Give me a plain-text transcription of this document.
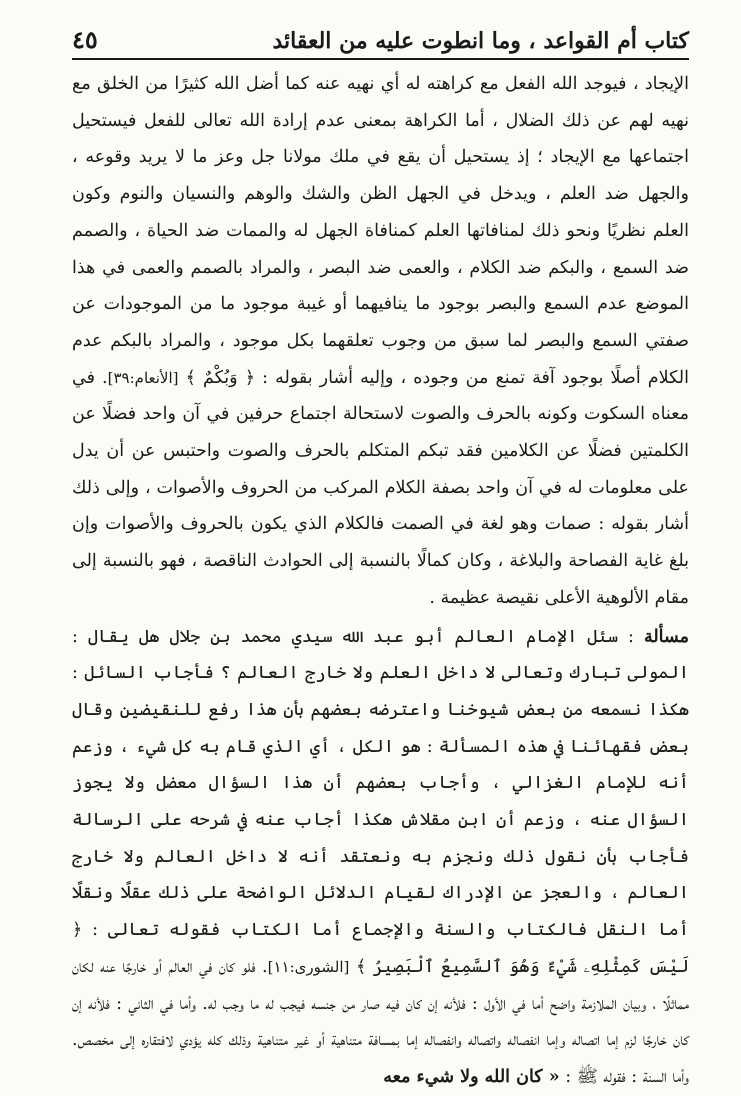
كتاب أم القواعد ، وما انطوت عليه من العقائد
٤٥

الإيجاد ، فيوجد الله الفعل مع كراهته له أي نهيه عنه كما أضل الله كثيرًا من الخلق مع نهيه لهم عن ذلك الضلال ، أما الكراهة بمعنى عدم إرادة الله تعالى للفعل فيستحيل اجتماعها مع الإيجاد ؛ إذ يستحيل أن يقع في ملك مولانا جل وعز ما لا يريد وقوعه ، والجهل ضد العلم ، ويدخل في الجهل الظن والشك والوهم والنسيان والنوم وكون العلم نظريًا ونحو ذلك لمنافاتها العلم كمنافاة الجهل له والممات ضد الحياة ، والصمم ضد السمع ، والبكم ضد الكلام ، والعمى ضد البصر ، والمراد بالصمم والعمى في هذا الموضع عدم السمع والبصر بوجود ما ينافيهما أو غيبة موجود ما من الموجودات عن صفتي السمع والبصر لما سبق من وجوب تعلقهما بكل موجود ، والمراد بالبكم عدم الكلام أصلًا بوجود آفة تمنع من وجوده ، وإليه أشار بقوله : ﴿ وَبُكْمٌ ﴾ [الأنعام:٣٩]. في معناه السكوت وكونه بالحرف والصوت لاستحالة اجتماع حرفين في آن واحد فضلًا عن الكلمتين فضلًا عن الكلامين فقد تبكم المتكلم بالحرف والصوت واحتبس عن أن يدل على معلومات له في آن واحد بصفة الكلام المركب من الحروف والأصوات ، وإلى ذلك أشار بقوله : صمات وهو لغة في الصمت فالكلام الذي يكون بالحروف والأصوات وإن بلغ غاية الفصاحة والبلاغة ، وكان كمالًا بالنسبة إلى الحوادث الناقصة ، فهو بالنسبة إلى مقام الألوهية الأعلى نقيصة عظيمة .

مسألة : سئل الإمام العالم أبو عبد الله سيدي محمد بن جلال هل يقال : المولى تبارك وتعالى لا داخل العلم ولا خارج العالم ؟ فأجاب السائل : هكذا نسمعه من بعض شيوخنا واعترضه بعضهم بأن هذا رفع للنقيضين وقال بعض فقهائنا في هذه المسألة : هو الكل ، أي الذي قام به كل شيء ، وزعم أنه للإمام الغزالي ، وأجاب بعضهم أن هذا السؤال معضل ولا يجوز السؤال عنه ، وزعم أن ابن مقلاش هكذا أجاب عنه في شرحه على الرسالة فأجاب بأن نقول ذلك ونجزم به ونعتقد أنه لا داخل العالم ولا خارج العالم ، والعجز عن الإدراك لقيام الدلائل الواضحة على ذلك عقلًا ونقلًا أما النقل فالكتاب والسنة والإجماع أما الكتاب فقوله تعالى : ﴿ لَيْسَ كَمِثْلِهِۦ شَيْءٌ وَهُوَ ٱلسَّمِيعُ ٱلْبَصِيرُ ﴾ [الشورى:١١]. فلو كان في العالم أو خارجًا عنه لكان مماثلًا ، وبيان الملازمة واضح أما في الأول : فلأنه إن كان فيه صار من جنسه فيجب له ما وجب له. وأما في الثاني : فلأنه إن كان خارجًا لزم إما اتصاله وإما انفصاله واتصاله وانفصاله إما بمسافة متناهية أو غير متناهية وذلك كله يؤدي لافتقاره إلى مخصص. وأما السنة : فقوله ﷺ : « كان الله ولا شيء معه
